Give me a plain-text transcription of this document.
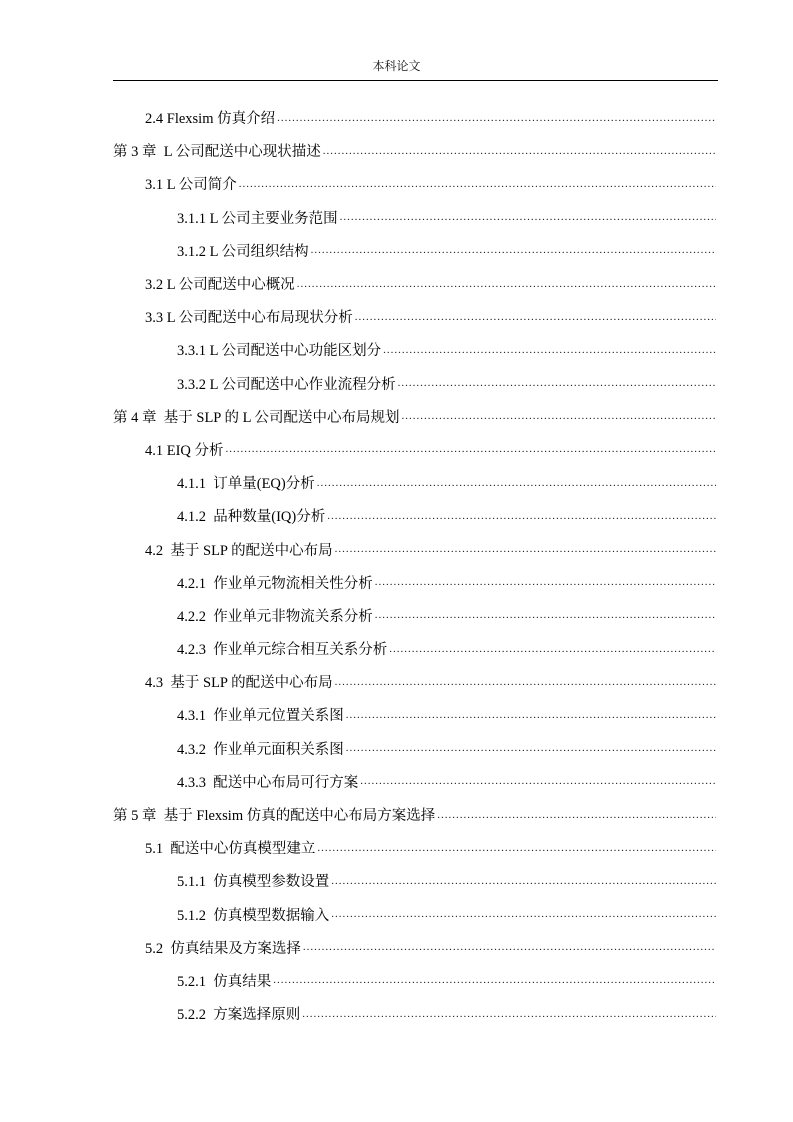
本科论文
2.4 Flexsim 仿真介绍
.....
第 3 章  L 公司配送中心现状描述
.....
3.1 L 公司简介
.....
3.1.1 L 公司主要业务范围
.....
3.1.2 L 公司组织结构
.....
3.2 L 公司配送中心概况
.....
3.3 L 公司配送中心布局现状分析
.....
3.3.1 L 公司配送中心功能区划分
.....
3.3.2 L 公司配送中心作业流程分析
.....
第 4 章  基于 SLP 的 L 公司配送中心布局规划
.....
4.1 EIQ 分析
.....
4.1.1  订单量(EQ)分析
.....
4.1.2  品种数量(IQ)分析
.....
4.2  基于 SLP 的配送中心布局
.....
4.2.1  作业单元物流相关性分析
.....
4.2.2  作业单元非物流关系分析
.....
4.2.3  作业单元综合相互关系分析
.....
4.3  基于 SLP 的配送中心布局
.....
4.3.1  作业单元位置关系图
.....
4.3.2  作业单元面积关系图
.....
4.3.3  配送中心布局可行方案
.....
第 5 章  基于 Flexsim 仿真的配送中心布局方案选择
.....
5.1  配送中心仿真模型建立
.....
5.1.1  仿真模型参数设置
.....
5.1.2  仿真模型数据输入
.....
5.2  仿真结果及方案选择
.....
5.2.1  仿真结果
.....
5.2.2  方案选择原则
.....
